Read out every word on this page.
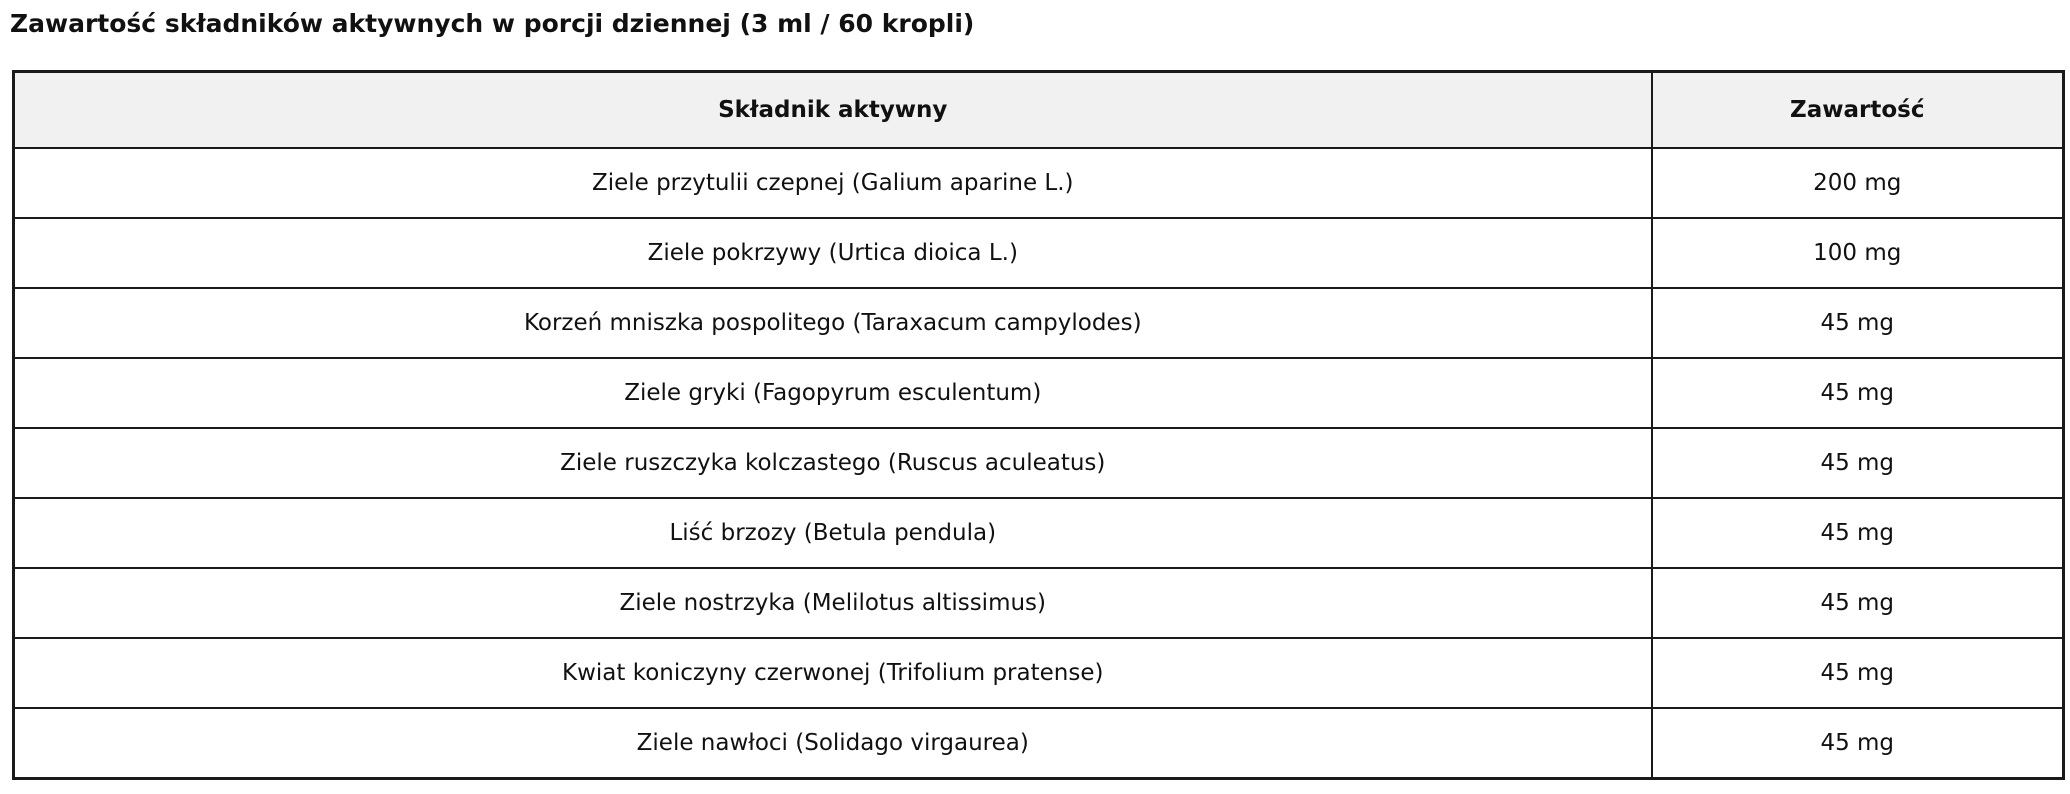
Zawartość składników aktywnych w porcji dziennej (3 ml / 60 kropli)
Składnik aktywny	Zawartość
Ziele przytulii czepnej (Galium aparine L.)	200 mg
Ziele pokrzywy (Urtica dioica L.)	100 mg
Korzeń mniszka pospolitego (Taraxacum campylodes)	45 mg
Ziele gryki (Fagopyrum esculentum)	45 mg
Ziele ruszczyka kolczastego (Ruscus aculeatus)	45 mg
Liść brzozy (Betula pendula)	45 mg
Ziele nostrzyka (Melilotus altissimus)	45 mg
Kwiat koniczyny czerwonej (Trifolium pratense)	45 mg
Ziele nawłoci (Solidago virgaurea)	45 mg
